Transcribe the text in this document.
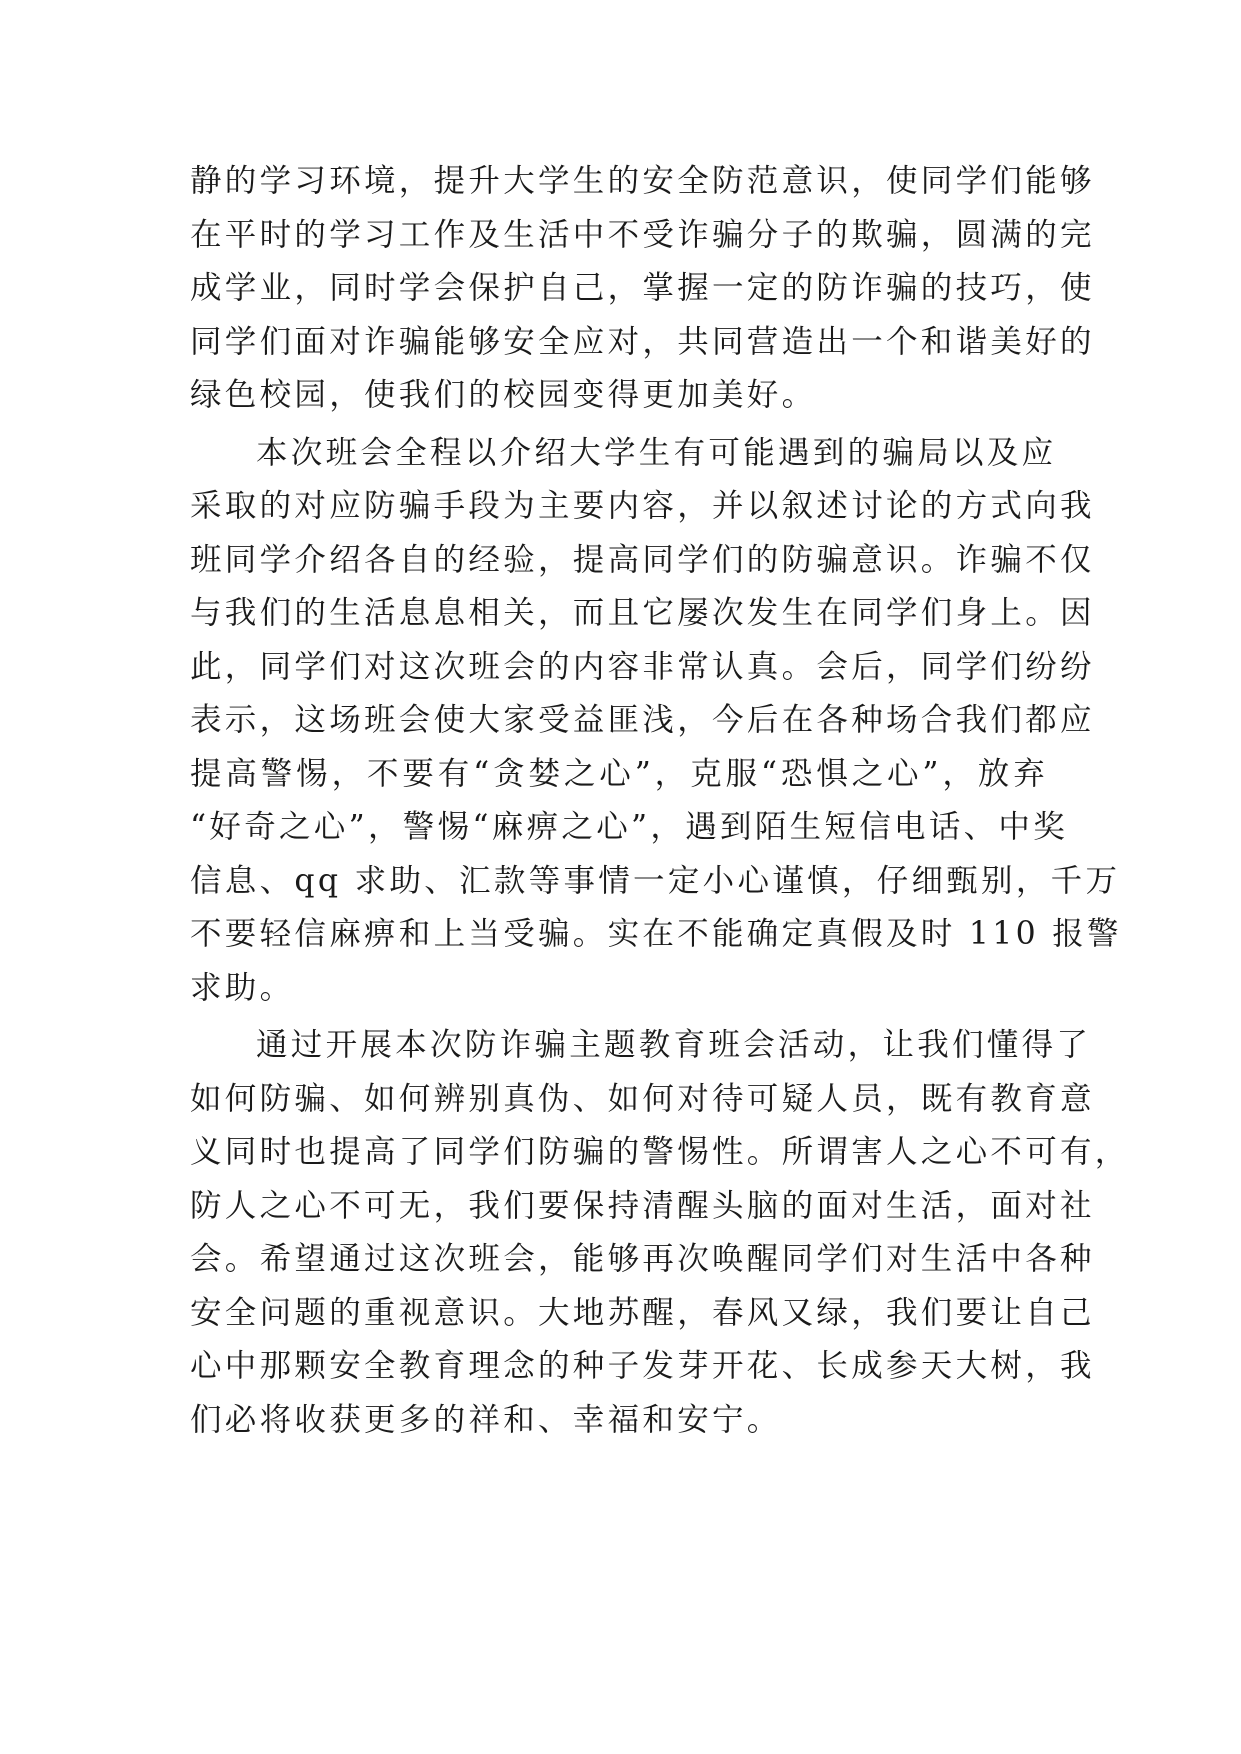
静的学习环境，提升大学生的安全防范意识，使同学们能够
在平时的学习工作及生活中不受诈骗分子的欺骗，圆满的完
成学业，同时学会保护自己，掌握一定的防诈骗的技巧，使
同学们面对诈骗能够安全应对，共同营造出一个和谐美好的
绿色校园，使我们的校园变得更加美好。
本次班会全程以介绍大学生有可能遇到的骗局以及应
采取的对应防骗手段为主要内容，并以叙述讨论的方式向我
班同学介绍各自的经验，提高同学们的防骗意识。诈骗不仅
与我们的生活息息相关，而且它屡次发生在同学们身上。因
此，同学们对这次班会的内容非常认真。会后，同学们纷纷
表示，这场班会使大家受益匪浅，今后在各种场合我们都应
提高警惕，不要有“贪婪之心”，克服“恐惧之心”，放弃
“好奇之心”，警惕“麻痹之心”，遇到陌生短信电话、中奖
信息、qq 求助、汇款等事情一定小心谨慎，仔细甄别，千万
不要轻信麻痹和上当受骗。实在不能确定真假及时 110 报警
求助。
通过开展本次防诈骗主题教育班会活动，让我们懂得了
如何防骗、如何辨别真伪、如何对待可疑人员，既有教育意
义同时也提高了同学们防骗的警惕性。所谓害人之心不可有，
防人之心不可无，我们要保持清醒头脑的面对生活，面对社
会。希望通过这次班会，能够再次唤醒同学们对生活中各种
安全问题的重视意识。大地苏醒，春风又绿，我们要让自己
心中那颗安全教育理念的种子发芽开花、长成参天大树，我
们必将收获更多的祥和、幸福和安宁。
